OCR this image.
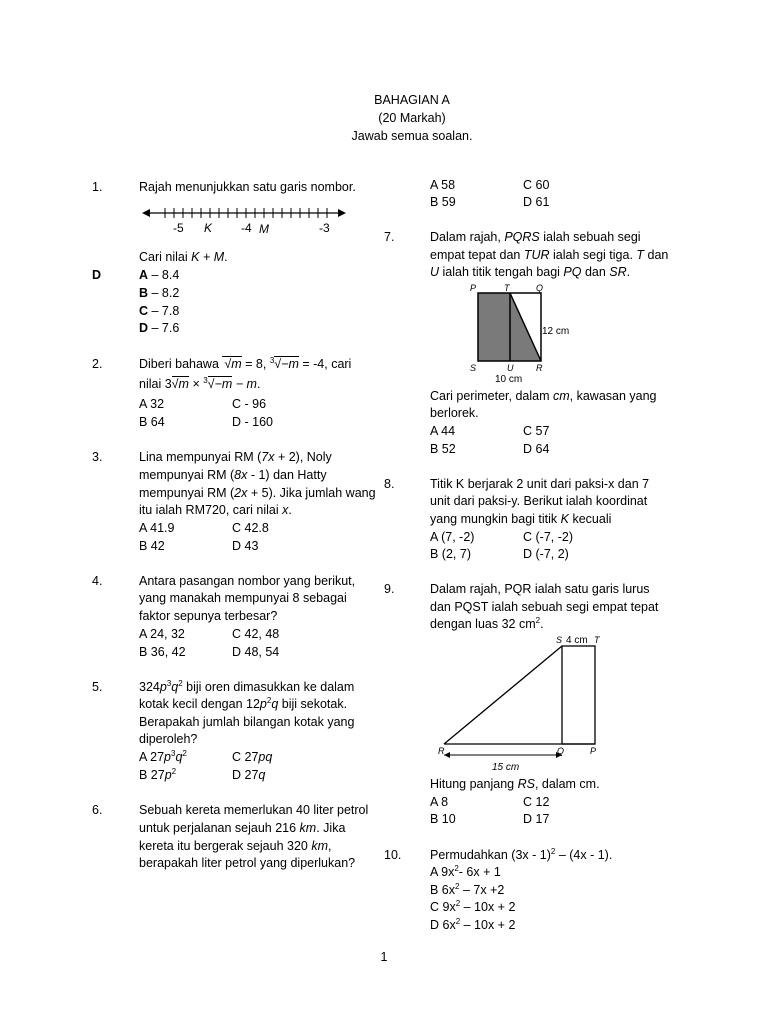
BAHAGIAN A
(20 Markah)
Jawab semua soalan.
1.
D
Rajah menunjukkan satu garis nombor.
-5 K -4 M	-3
Cari nilai K + M.
A – 8.4
B – 8.2
C – 7.8
D – 7.6
2.	Diberi bahawa √m = 8, $^3$√−m = -4, cari
nilai 3√m × $^3$√−m − m.
A 32	C - 96
B 64	D - 160
3.	Lina mempunyai RM (7x + 2), Noly
mempunyai RM (8x - 1) dan Hatty
mempunyai RM (2x + 5). Jika jumlah wang
itu ialah RM720, cari nilai x.
A 41.9	C 42.8
B 42	D 43
4.	Antara pasangan nombor yang berikut,
yang manakah mempunyai 8 sebagai
faktor sepunya terbesar?
A 24, 32	C 42, 48
B 36, 42	D 48, 54
5.	$324p^3q^2$ biji oren dimasukkan ke dalam
kotak kecil dengan $12p^2q$ biji sekotak.
Berapakah jumlah bilangan kotak yang
diperoleh?
A $27p^3q^2$	C 27pq
B $27p^2$	D 27q
6.	Sebuah kereta memerlukan 40 liter petrol
untuk perjalanan sejauh 216 km. Jika
kereta itu bergerak sejauh 320 km,
berapakah liter petrol yang diperlukan?
A 58	C 60
B 59	D 61
7.	Dalam rajah, PQRS ialah sebuah segi
empat tepat dan TUR ialah segi tiga. T dan
U ialah titik tengah bagi PQ dan SR.
P	T	Q
S	U	R
12 cm
10 cm
Cari perimeter, dalam cm, kawasan yang
berlorek.
A 44	C 57
B 52	D 64
8.	Titik K berjarak 2 unit dari paksi-x dan 7
unit dari paksi-y. Berikut ialah koordinat
yang mungkin bagi titik K kecuali
A (7, -2)	C (-7, -2)
B (2, 7)	D (-7, 2)
9.	Dalam rajah, PQR ialah satu garis lurus
dan PQST ialah sebuah segi empat tepat
dengan luas 32 $cm^2$.
S	T
4 cm
R	Q	P
15 cm
Hitung panjang RS, dalam cm.
A 8	C 12
B 10	D 17
10.	Permudahkan (3x - 1)$^2$ – (4x - 1).
A $9x^2-$ 6x + 1
B $6x^2 - 7x +2$
C $9x^2 - 10x + 2$
D $6x^2 - 10x + 2$
1
